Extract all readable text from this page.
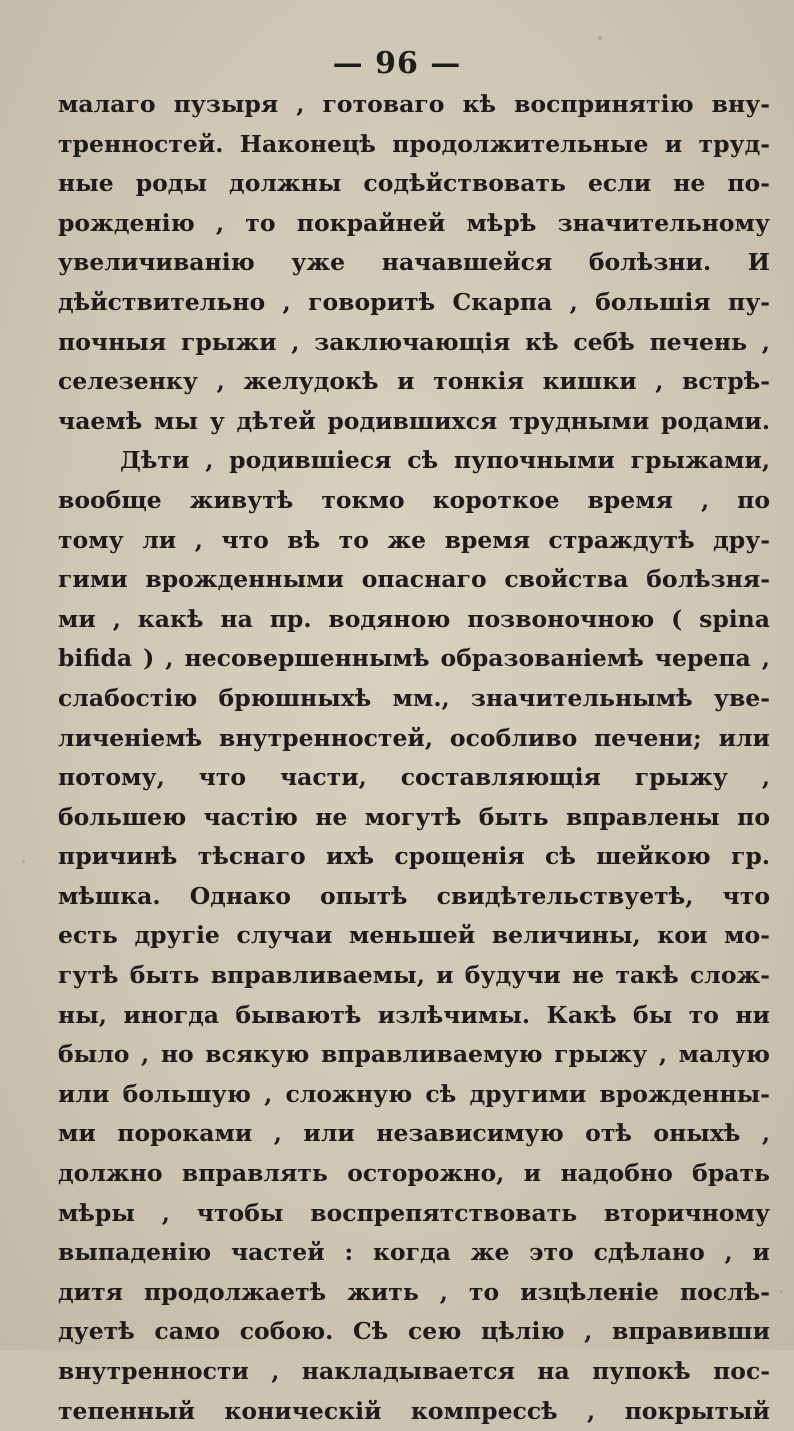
— 96 —
малаго пузыря , готоваго кѣ воспринятію вну-
тренностей. Наконецѣ продолжительные и труд-
ные роды должны содѣйствовать если не по-
рожденію , то покрайней мѣрѣ значительному
увеличиванію уже начавшейся болѣзни. И
дѣйствительно , говоритѣ Скарпа , большія пу-
почныя грыжи , заключающія кѣ себѣ печень ,
селезенку , желудокѣ и тонкія кишки , встрѣ-
чаемѣ мы у дѣтей родившихся трудными родами.
Дѣти , родившіеся сѣ пупочными грыжами,
вообще живутѣ токмо короткое время , по
тому ли , что вѣ то же время страждутѣ дру-
гими врожденными опаснаго свойства болѣзня-
ми , какѣ на пр. водяною позвоночною ( spina
bifida ) , несовершеннымѣ образованіемѣ черепа ,
слабостію брюшныхѣ мм., значительнымѣ уве-
личеніемѣ внутренностей, особливо печени; или
потому, что части, составляющія грыжу ,
большею частію не могутѣ быть вправлены по
причинѣ тѣснаго ихѣ срощенія сѣ шейкою гр.
мѣшка. Однако опытѣ свидѣтельствуетѣ, что
есть другіе случаи меньшей величины, кои мо-
гутѣ быть вправливаемы, и будучи не такѣ слож-
ны, иногда бываютѣ излѣчимы. Какѣ бы то ни
было , но всякую вправливаемую грыжу , малую
или большую , сложную сѣ другими врожденны-
ми пороками , или независимую отѣ оныхѣ ,
должно вправлять осторожно, и надобно брать
мѣры , чтобы воспрепятствовать вторичному
выпаденію частей : когда же это сдѣлано , и
дитя продолжаетѣ жить , то изцѣленіе послѣ-
дуетѣ само собою. Сѣ сею цѣлію , вправивши
внутренности , накладывается на пупокѣ пос-
тепенный коническій компрессѣ , покрытый
